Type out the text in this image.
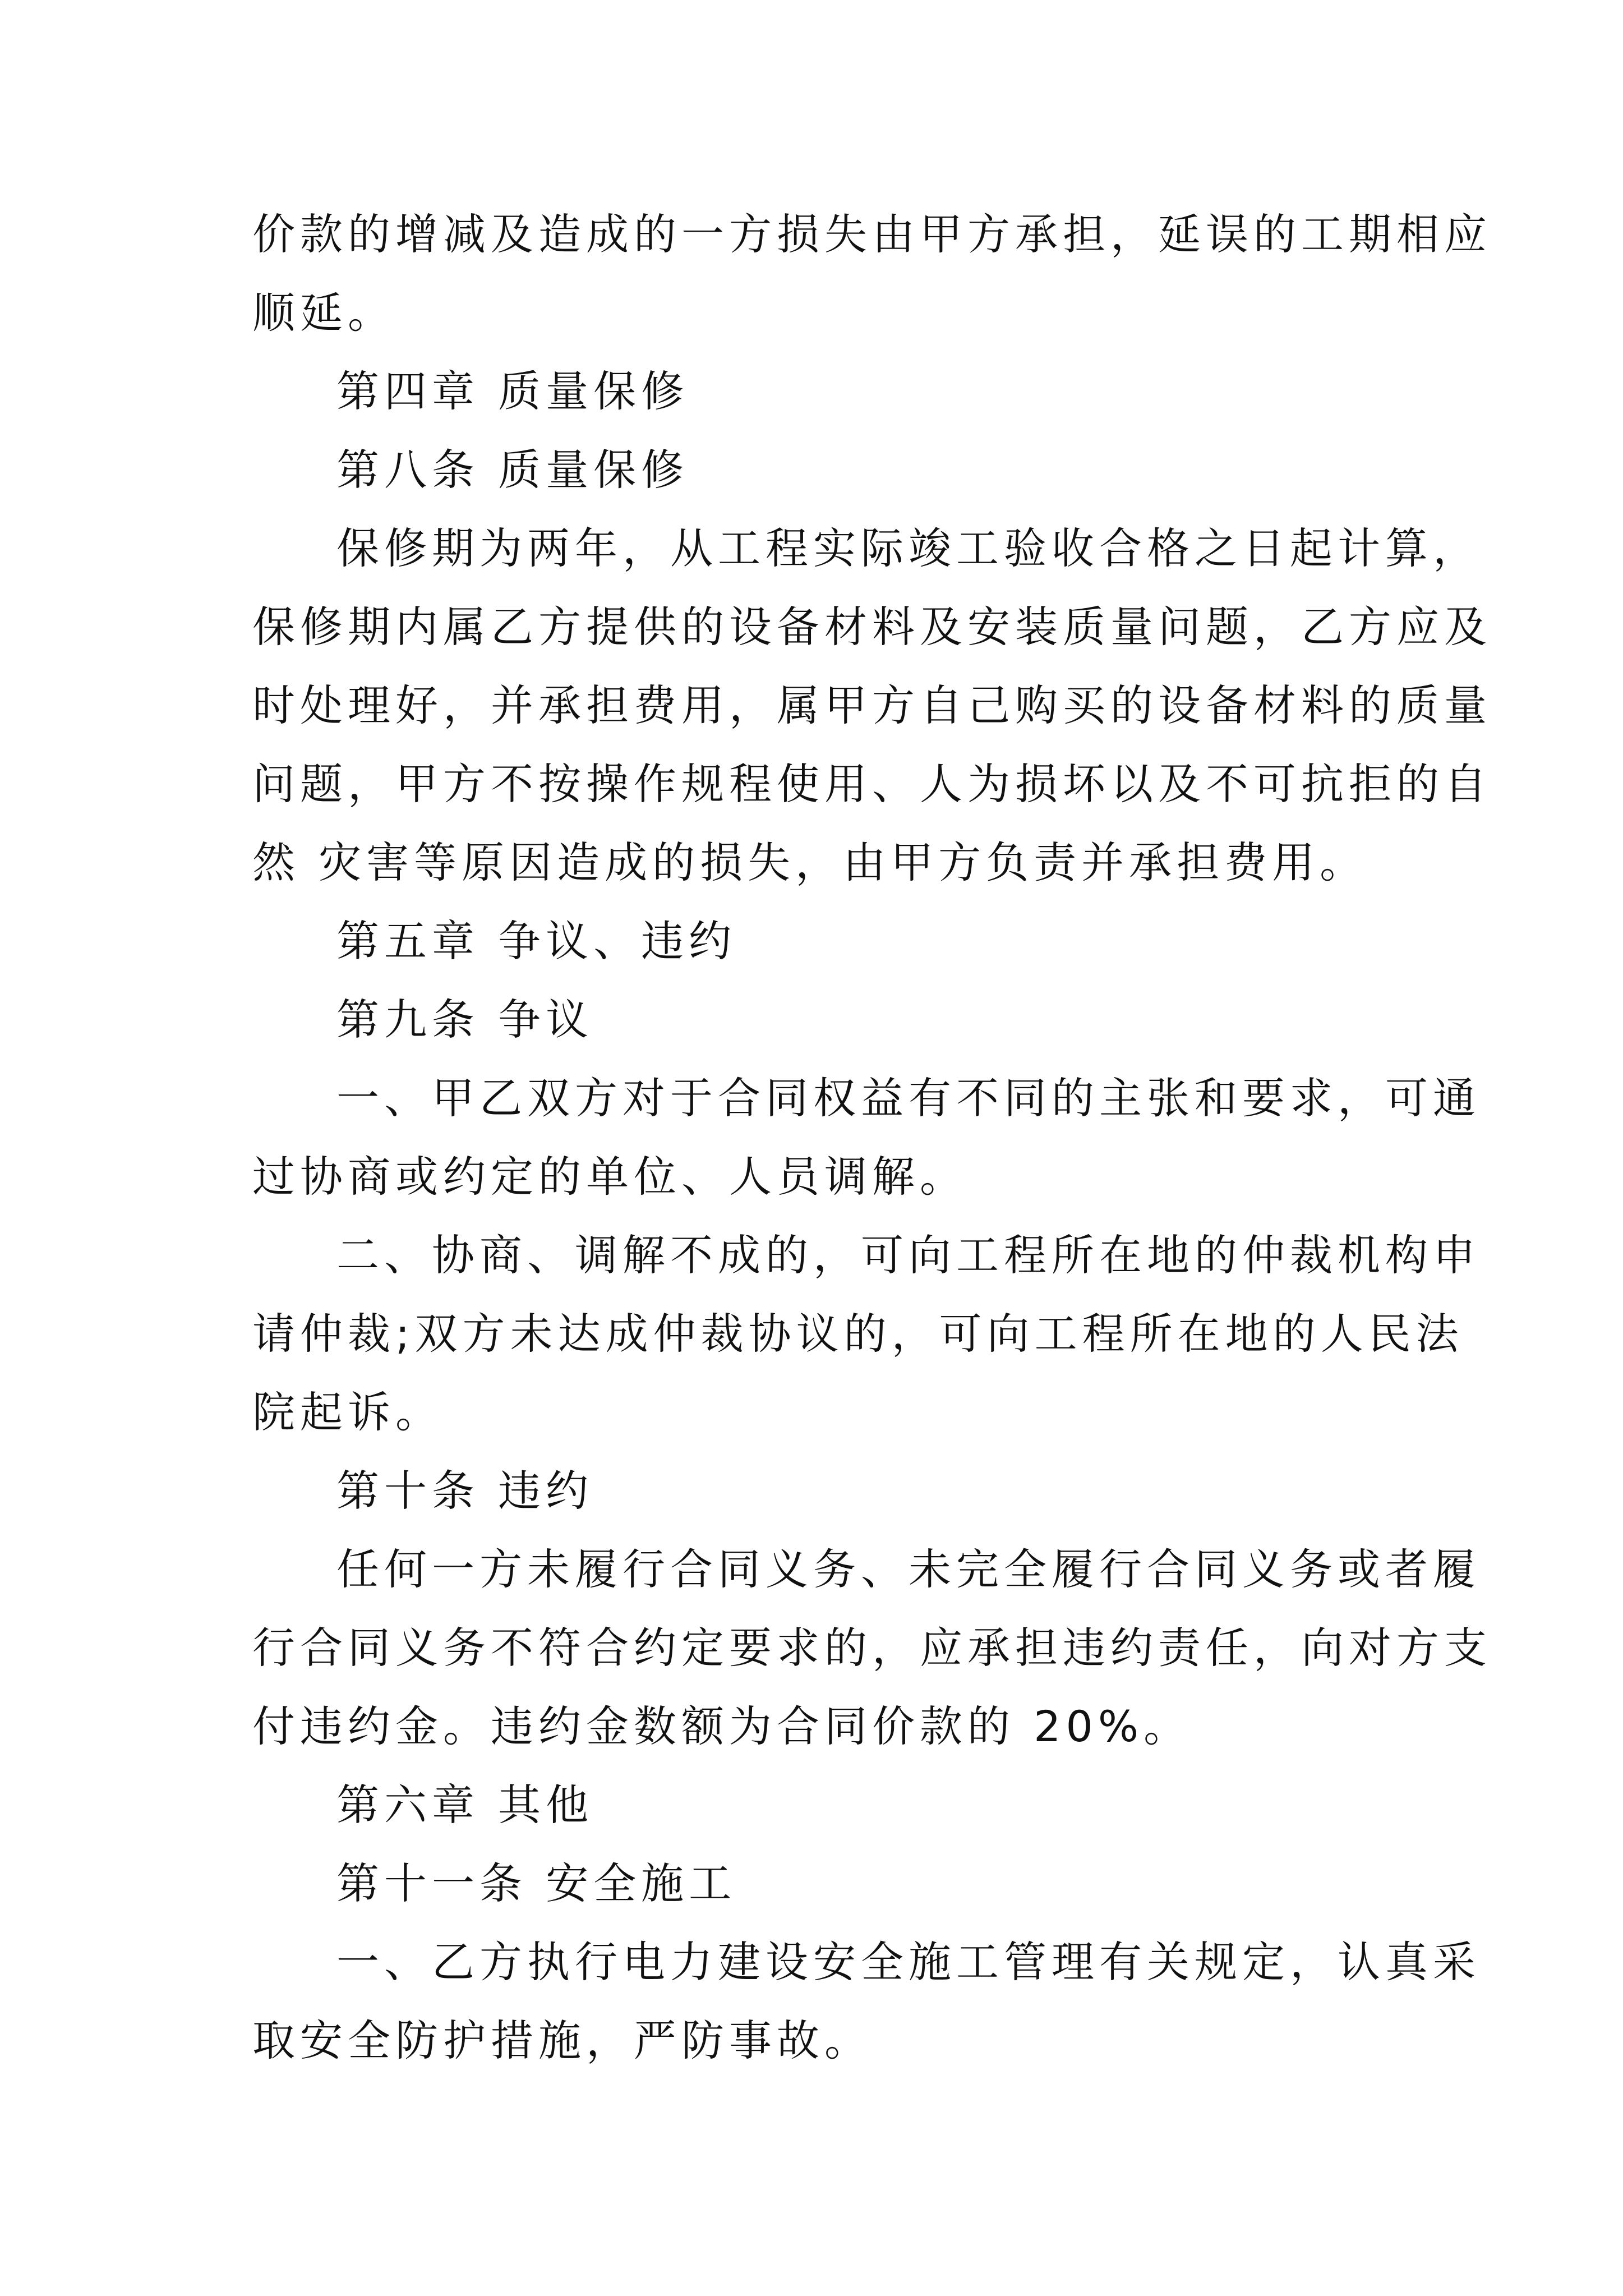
价款的增减及造成的一方损失由甲方承担，延误的工期相应
顺延。
第四章 质量保修
第八条 质量保修
保修期为两年，从工程实际竣工验收合格之日起计算，
保修期内属乙方提供的设备材料及安装质量问题，乙方应及
时处理好，并承担费用，属甲方自己购买的设备材料的质量
问题，甲方不按操作规程使用、人为损坏以及不可抗拒的自
然 灾害等原因造成的损失，由甲方负责并承担费用。
第五章 争议、违约
第九条 争议
一、甲乙双方对于合同权益有不同的主张和要求，可通
过协商或约定的单位、人员调解。
二、协商、调解不成的，可向工程所在地的仲裁机构申
请仲裁;双方未达成仲裁协议的，可向工程所在地的人民法
院起诉。
第十条 违约
任何一方未履行合同义务、未完全履行合同义务或者履
行合同义务不符合约定要求的，应承担违约责任，向对方支
付违约金。违约金数额为合同价款的 20%。
第六章 其他
第十一条 安全施工
一、乙方执行电力建设安全施工管理有关规定，认真采
取安全防护措施，严防事故。
